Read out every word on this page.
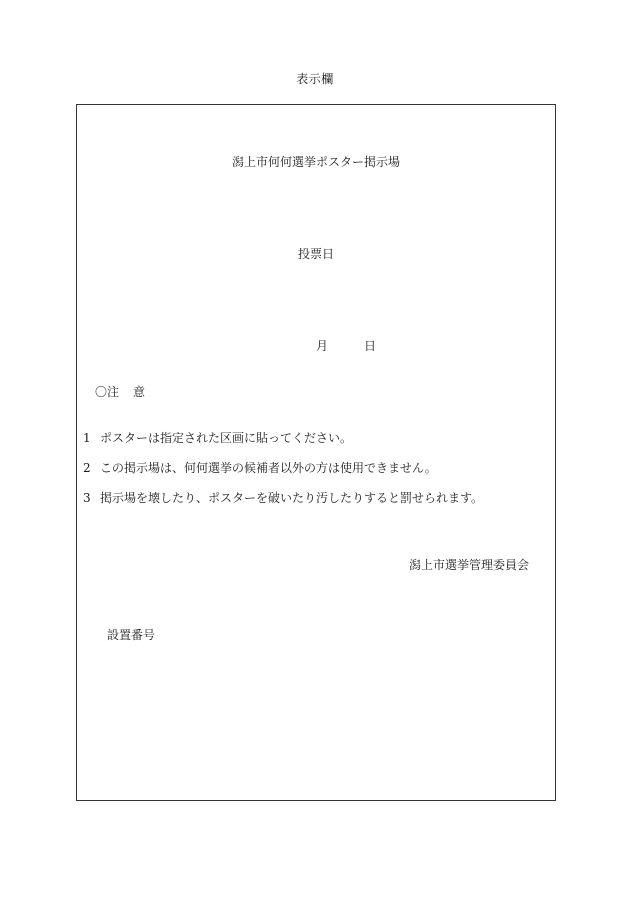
表示欄
潟上市何何選挙ポスター掲示場
投票日
月	日
〇注 意
1 ポスターは指定された区画に貼ってください。
2 この掲示場は、何何選挙の候補者以外の方は使用できません。
3 掲示場を壊したり、ポスターを破いたり汚したりすると罰せられます。
潟上市選挙管理委員会
設置番号
